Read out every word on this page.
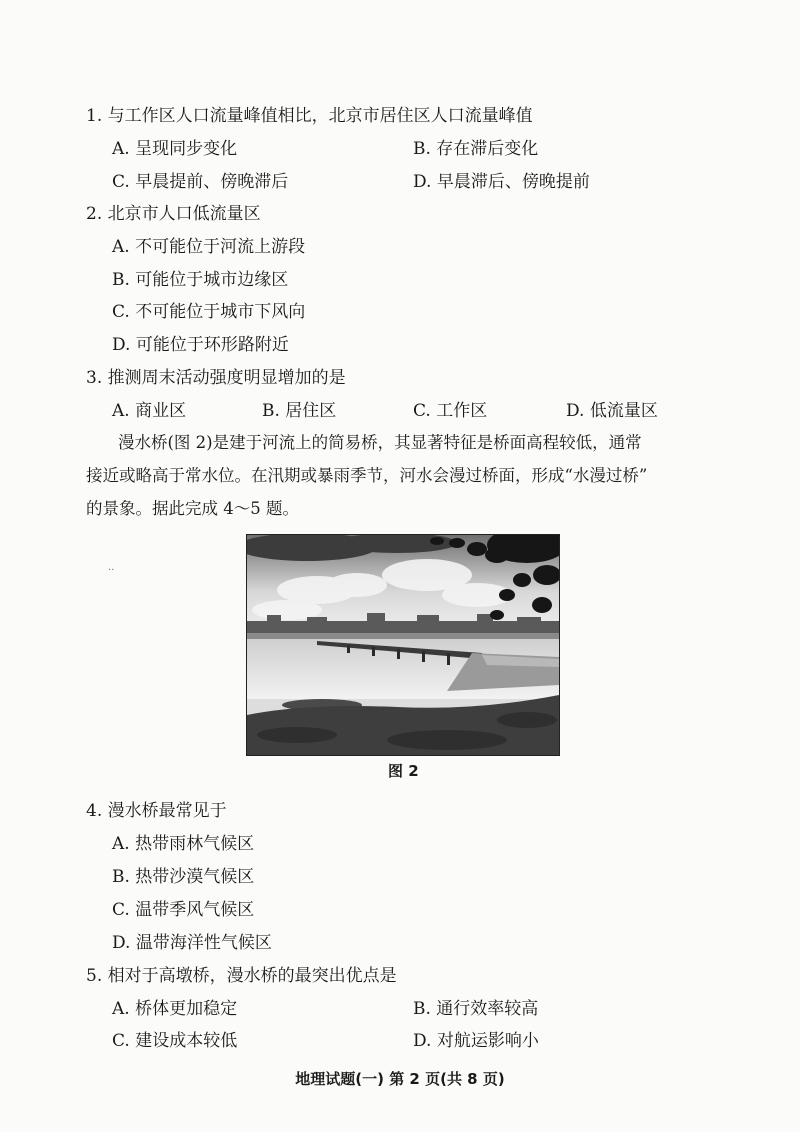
1. 与工作区人口流量峰值相比，北京市居住区人口流量峰值
A. 呈现同步变化	B. 存在滞后变化
C. 早晨提前、傍晚滞后	D. 早晨滞后、傍晚提前
2. 北京市人口低流量区
A. 不可能位于河流上游段
B. 可能位于城市边缘区
C. 不可能位于城市下风向
D. 可能位于环形路附近
3. 推测周末活动强度明显增加的是
A. 商业区	B. 居住区	C. 工作区	D. 低流量区
漫水桥(图 2)是建于河流上的简易桥，其显著特征是桥面高程较低，通常
接近或略高于常水位。在汛期或暴雨季节，河水会漫过桥面，形成“水漫过桥”
的景象。据此完成 4～5 题。
··
图 2
4. 漫水桥最常见于
A. 热带雨林气候区
B. 热带沙漠气候区
C. 温带季风气候区
D. 温带海洋性气候区
5. 相对于高墩桥，漫水桥的最突出优点是
A. 桥体更加稳定	B. 通行效率较高
C. 建设成本较低	D. 对航运影响小
地理试题(一) 第 2 页(共 8 页)
